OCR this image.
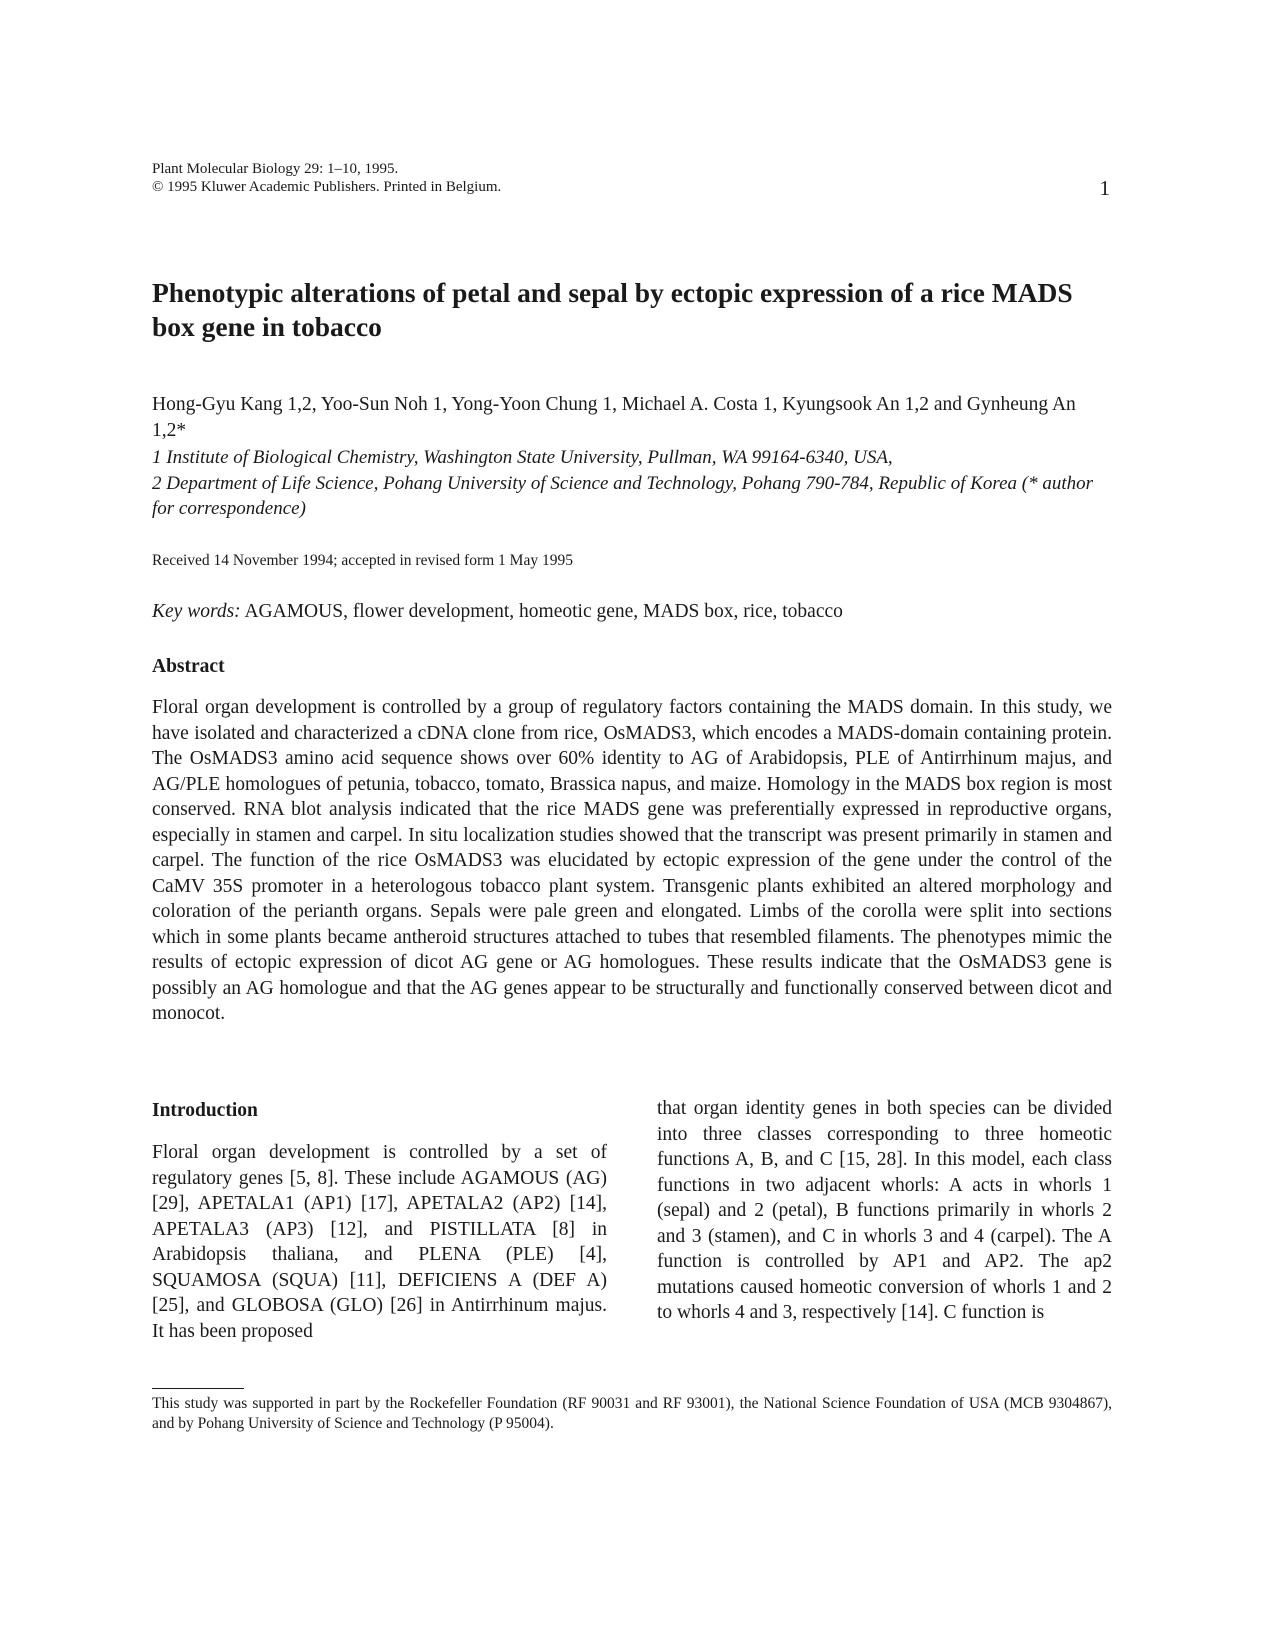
Plant Molecular Biology 29: 1–10, 1995.
© 1995 Kluwer Academic Publishers. Printed in Belgium.	1
Phenotypic alterations of petal and sepal by ectopic expression of a rice MADS box gene in tobacco
Hong-Gyu Kang 1,2, Yoo-Sun Noh 1, Yong-Yoon Chung 1, Michael A. Costa 1, Kyungsook An 1,2 and Gynheung An 1,2*
1 Institute of Biological Chemistry, Washington State University, Pullman, WA 99164-6340, USA,
2 Department of Life Science, Pohang University of Science and Technology, Pohang 790-784, Republic of Korea (* author for correspondence)
Received 14 November 1994; accepted in revised form 1 May 1995
Key words: AGAMOUS, flower development, homeotic gene, MADS box, rice, tobacco
Abstract
Floral organ development is controlled by a group of regulatory factors containing the MADS domain. In this study, we have isolated and characterized a cDNA clone from rice, OsMADS3, which encodes a MADS-domain containing protein. The OsMADS3 amino acid sequence shows over 60% identity to AG of Arabidopsis, PLE of Antirrhinum majus, and AG/PLE homologues of petunia, tobacco, tomato, Brassica napus, and maize. Homology in the MADS box region is most conserved. RNA blot analysis indicated that the rice MADS gene was preferentially expressed in reproductive organs, especially in stamen and carpel. In situ localization studies showed that the transcript was present primarily in stamen and carpel. The function of the rice OsMADS3 was elucidated by ectopic expression of the gene under the control of the CaMV 35S promoter in a heterologous tobacco plant system. Transgenic plants exhibited an altered morphology and coloration of the perianth organs. Sepals were pale green and elongated. Limbs of the corolla were split into sections which in some plants became antheroid structures attached to tubes that resembled filaments. The phenotypes mimic the results of ectopic expression of dicot AG gene or AG homologues. These results indicate that the OsMADS3 gene is possibly an AG homologue and that the AG genes appear to be structurally and functionally conserved between dicot and monocot.
Introduction
Floral organ development is controlled by a set of regulatory genes [5, 8]. These include AGAMOUS (AG) [29], APETALA1 (AP1) [17], APETALA2 (AP2) [14], APETALA3 (AP3) [12], and PISTILLATA [8] in Arabidopsis thaliana, and PLENA (PLE) [4], SQUAMOSA (SQUA) [11], DEFICIENS A (DEF A) [25], and GLOBOSA (GLO) [26] in Antirrhinum majus. It has been proposed
that organ identity genes in both species can be divided into three classes corresponding to three homeotic functions A, B, and C [15, 28]. In this model, each class functions in two adjacent whorls: A acts in whorls 1 (sepal) and 2 (petal), B functions primarily in whorls 2 and 3 (stamen), and C in whorls 3 and 4 (carpel). The A function is controlled by AP1 and AP2. The ap2 mutations caused homeotic conversion of whorls 1 and 2 to whorls 4 and 3, respectively [14]. C function is
This study was supported in part by the Rockefeller Foundation (RF 90031 and RF 93001), the National Science Foundation of USA (MCB 9304867), and by Pohang University of Science and Technology (P 95004).
